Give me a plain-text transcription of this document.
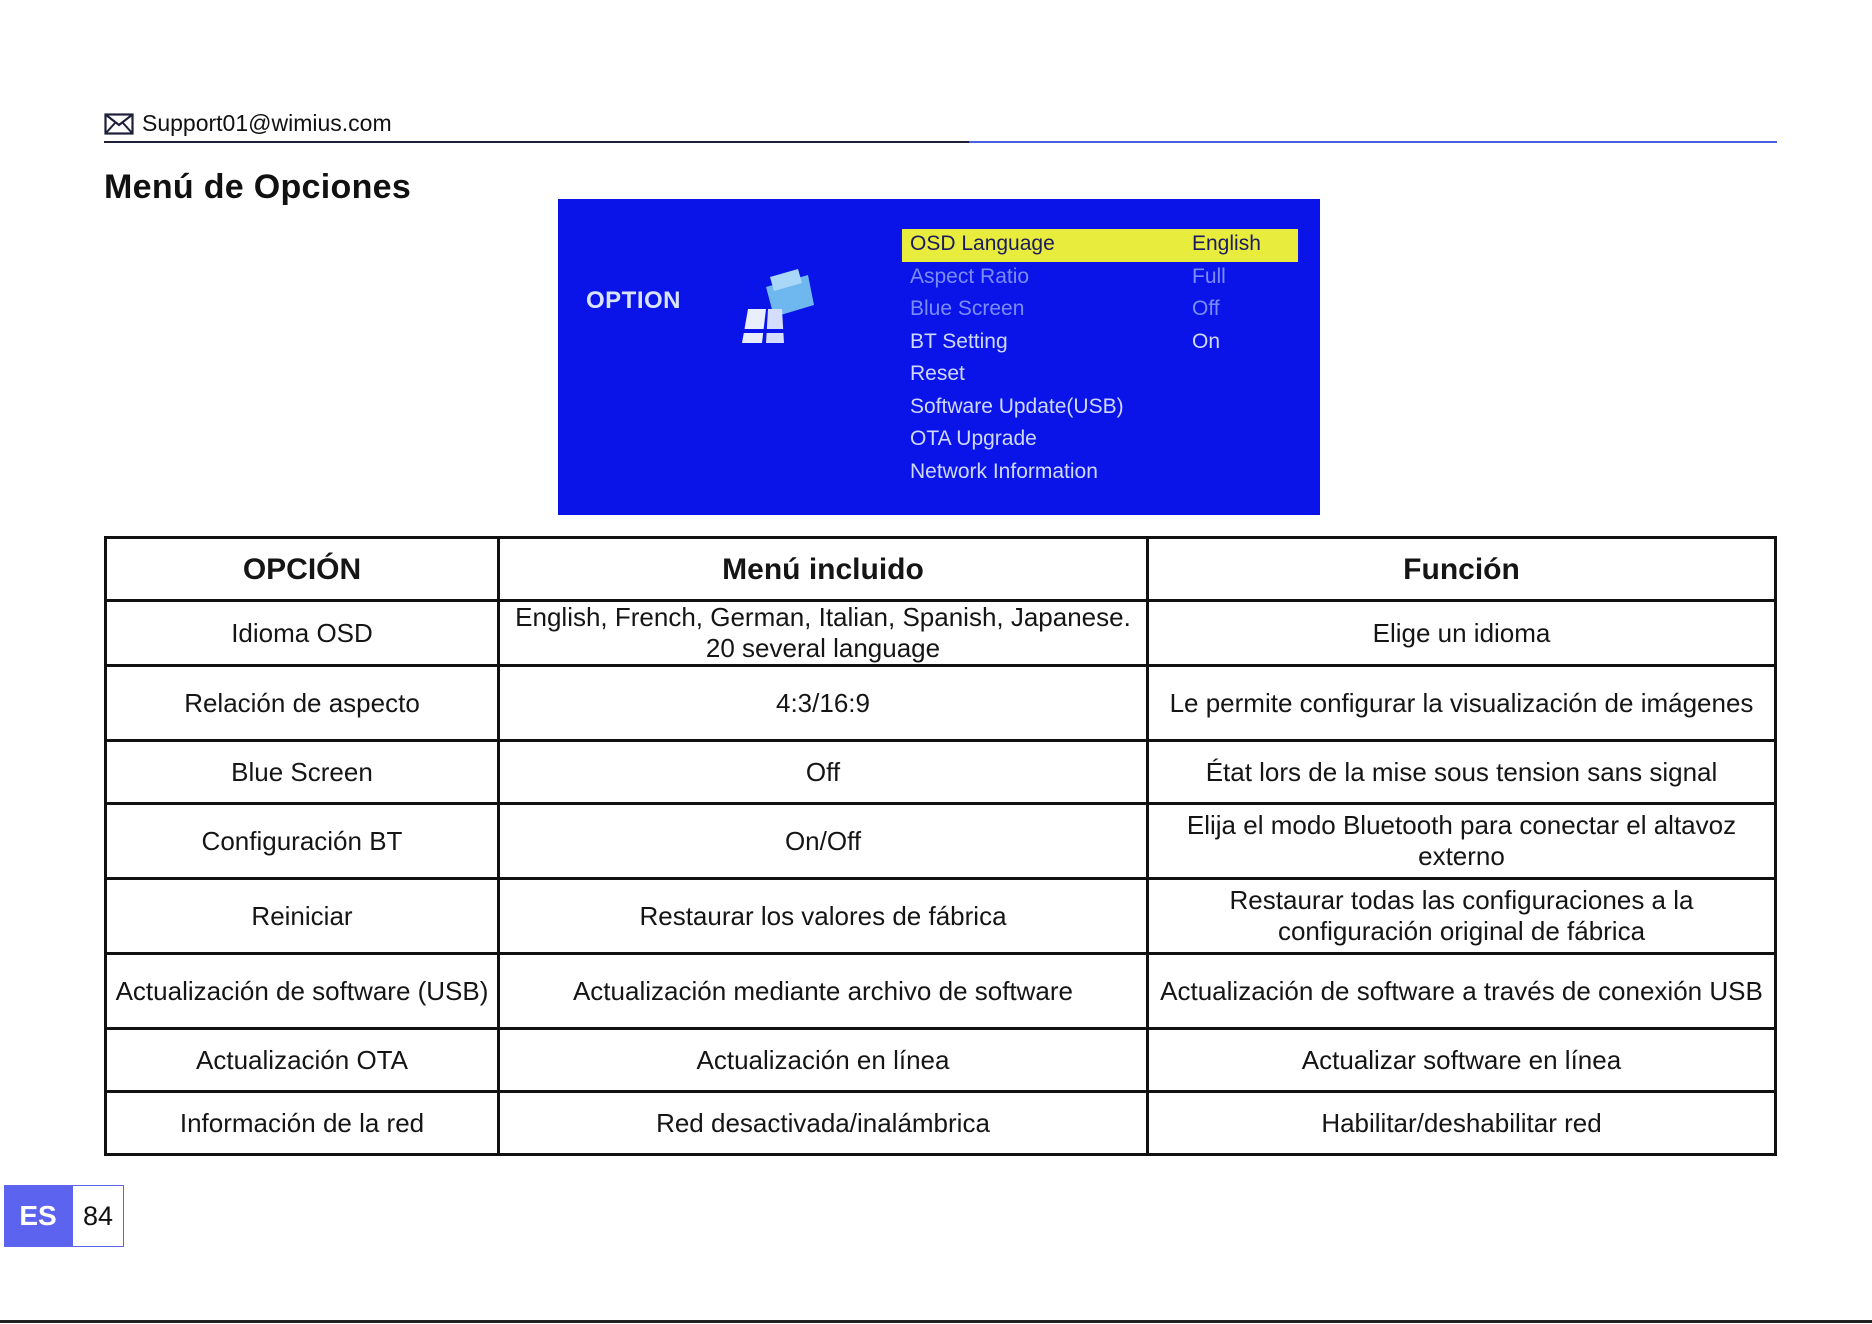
Support01@wimius.com
Menú de Opciones
OPTION
OSD Language	English
Aspect Ratio	Full
Blue Screen	Off
BT Setting	On
Reset
Software Update(USB)
OTA Upgrade
Network Information
OPCIÓN	Menú incluido	Función
Idioma OSD	English, French, German, Italian, Spanish, Japanese. 20 several language	Elige un idioma
Relación de aspecto	4:3/16:9	Le permite configurar la visualización de imágenes
Blue Screen	Off	État lors de la mise sous tension sans signal
Configuración BT	On/Off	Elija el modo Bluetooth para conectar el altavoz externo
Reiniciar	Restaurar los valores de fábrica	Restaurar todas las configuraciones a la configuración original de fábrica
Actualización de software (USB)	Actualización mediante archivo de software	Actualización de software a través de conexión USB
Actualización OTA	Actualización en línea	Actualizar software en línea
Información de la red	Red desactivada/inalámbrica	Habilitar/deshabilitar red
ES 84
